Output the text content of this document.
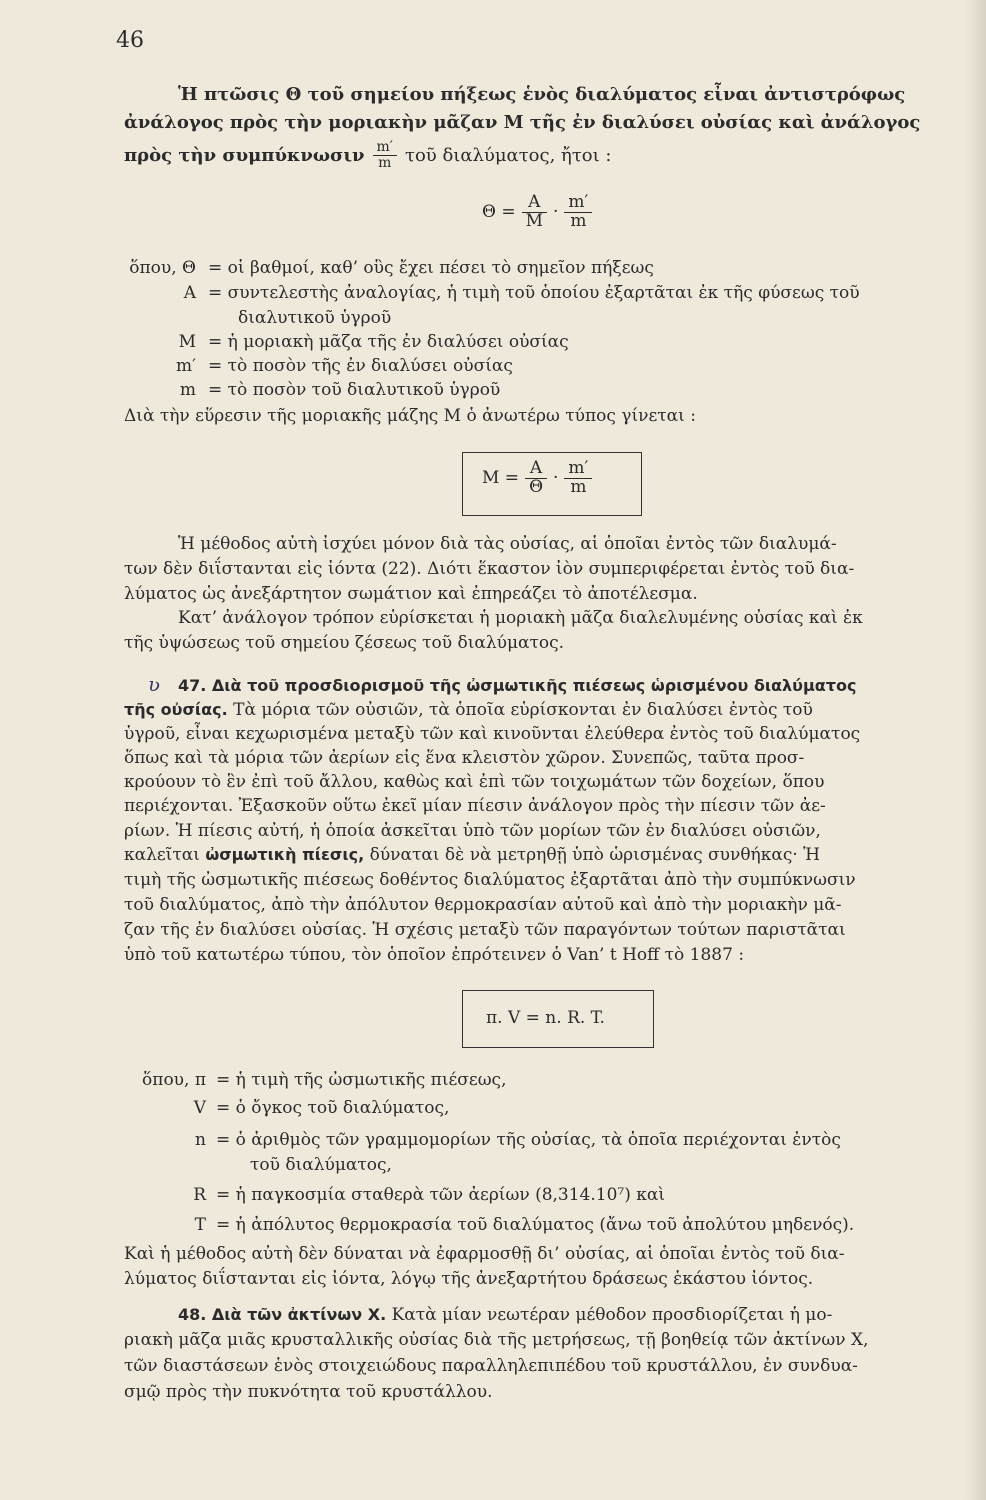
46
Ἡ πτῶσις Θ τοῦ σημείου πήξεως ἑνὸς διαλύματος εἶναι ἀντιστρόφως
ἀνάλογος πρὸς τὴν μοριακὴν μᾶζαν Μ τῆς ἐν διαλύσει οὐσίας καὶ ἀνάλογος
πρὸς τὴν συμπύκνωσιν $\frac{m'}{m}$ τοῦ διαλύματος, ἤτοι :
$\Theta = \frac{A}{M} \cdot \frac{m'}{m}$
ὅπου, Θ = οἱ βαθμοί, καθ’ οὓς ἔχει πέσει τὸ σημεῖον πήξεως
A = συντελεστὴς ἀναλογίας, ἡ τιμὴ τοῦ ὁποίου ἐξαρτᾶται ἐκ τῆς φύσεως τοῦ
διαλυτικοῦ ὑγροῦ
M = ἡ μοριακὴ μᾶζα τῆς ἐν διαλύσει οὐσίας
m′ = τὸ ποσὸν τῆς ἐν διαλύσει οὐσίας
m = τὸ ποσὸν τοῦ διαλυτικοῦ ὑγροῦ
Διὰ τὴν εὕρεσιν τῆς μοριακῆς μάζης Μ ὁ ἀνωτέρω τύπος γίνεται :
$M = \frac{A}{\Theta} \cdot \frac{m'}{m}$
Ἡ μέθοδος αὐτὴ ἰσχύει μόνον διὰ τὰς οὐσίας, αἱ ὁποῖαι ἐντὸς τῶν διαλυμά-
των δὲν διΐστανται εἰς ἰόντα (22). Διότι ἕκαστον ἰὸν συμπεριφέρεται ἐντὸς τοῦ δια-
λύματος ὡς ἀνεξάρτητον σωμάτιον καὶ ἐπηρεάζει τὸ ἀποτέλεσμα.
Κατ’ ἀνάλογον τρόπον εὑρίσκεται ἡ μοριακὴ μᾶζα διαλελυμένης οὐσίας καὶ ἐκ
τῆς ὑψώσεως τοῦ σημείου ζέσεως τοῦ διαλύματος.
ʋ 47. Διὰ τοῦ προσδιορισμοῦ τῆς ὠσμωτικῆς πιέσεως ὡρισμένου διαλύματος
τῆς οὐσίας. Τὰ μόρια τῶν οὐσιῶν, τὰ ὁποῖα εὑρίσκονται ἐν διαλύσει ἐντὸς τοῦ
ὑγροῦ, εἶναι κεχωρισμένα μεταξὺ τῶν καὶ κινοῦνται ἐλεύθερα ἐντὸς τοῦ διαλύματος
ὅπως καὶ τὰ μόρια τῶν ἀερίων εἰς ἕνα κλειστὸν χῶρον. Συνεπῶς, ταῦτα προσ-
κρούουν τὸ ἓν ἐπὶ τοῦ ἄλλου, καθὼς καὶ ἐπὶ τῶν τοιχωμάτων τῶν δοχείων, ὅπου
περιέχονται. Ἐξασκοῦν οὕτω ἐκεῖ μίαν πίεσιν ἀνάλογον πρὸς τὴν πίεσιν τῶν ἀε-
ρίων. Ἡ πίεσις αὐτή, ἡ ὁποία ἀσκεῖται ὑπὸ τῶν μορίων τῶν ἐν διαλύσει οὐσιῶν,
καλεῖται ὠσμωτικὴ πίεσις, δύναται δὲ νὰ μετρηθῇ ὑπὸ ὡρισμένας συνθήκας· Ἡ
τιμὴ τῆς ὠσμωτικῆς πιέσεως δοθέντος διαλύματος ἐξαρτᾶται ἀπὸ τὴν συμπύκνωσιν
τοῦ διαλύματος, ἀπὸ τὴν ἀπόλυτον θερμοκρασίαν αὐτοῦ καὶ ἀπὸ τὴν μοριακὴν μᾶ-
ζαν τῆς ἐν διαλύσει οὐσίας. Ἡ σχέσις μεταξὺ τῶν παραγόντων τούτων παριστᾶται
ὑπὸ τοῦ κατωτέρω τύπου, τὸν ὁποῖον ἐπρότεινεν ὁ Van’ t Hoff τὸ 1887 :
π. V = n. R. T.
ὅπου, π = ἡ τιμὴ τῆς ὠσμωτικῆς πιέσεως,
V = ὁ ὄγκος τοῦ διαλύματος,
n = ὁ ἀριθμὸς τῶν γραμμομορίων τῆς οὐσίας, τὰ ὁποῖα περιέχονται ἐντὸς
τοῦ διαλύματος,
R = ἡ παγκοσμία σταθερὰ τῶν ἀερίων (8,314.10⁷) καὶ
T = ἡ ἀπόλυτος θερμοκρασία τοῦ διαλύματος (ἄνω τοῦ ἀπολύτου μηδενός).
Καὶ ἡ μέθοδος αὐτὴ δὲν δύναται νὰ ἐφαρμοσθῇ δι’ οὐσίας, αἱ ὁποῖαι ἐντὸς τοῦ δια-
λύματος διΐστανται εἰς ἰόντα, λόγῳ τῆς ἀνεξαρτήτου δράσεως ἑκάστου ἰόντος.
48. Διὰ τῶν ἀκτίνων Χ. Κατὰ μίαν νεωτέραν μέθοδον προσδιορίζεται ἡ μο-
ριακὴ μᾶζα μιᾶς κρυσταλλικῆς οὐσίας διὰ τῆς μετρήσεως, τῇ βοηθείᾳ τῶν ἀκτίνων Χ,
τῶν διαστάσεων ἑνὸς στοιχειώδους παραλληλεπιπέδου τοῦ κρυστάλλου, ἐν συνδυα-
σμῷ πρὸς τὴν πυκνότητα τοῦ κρυστάλλου.
